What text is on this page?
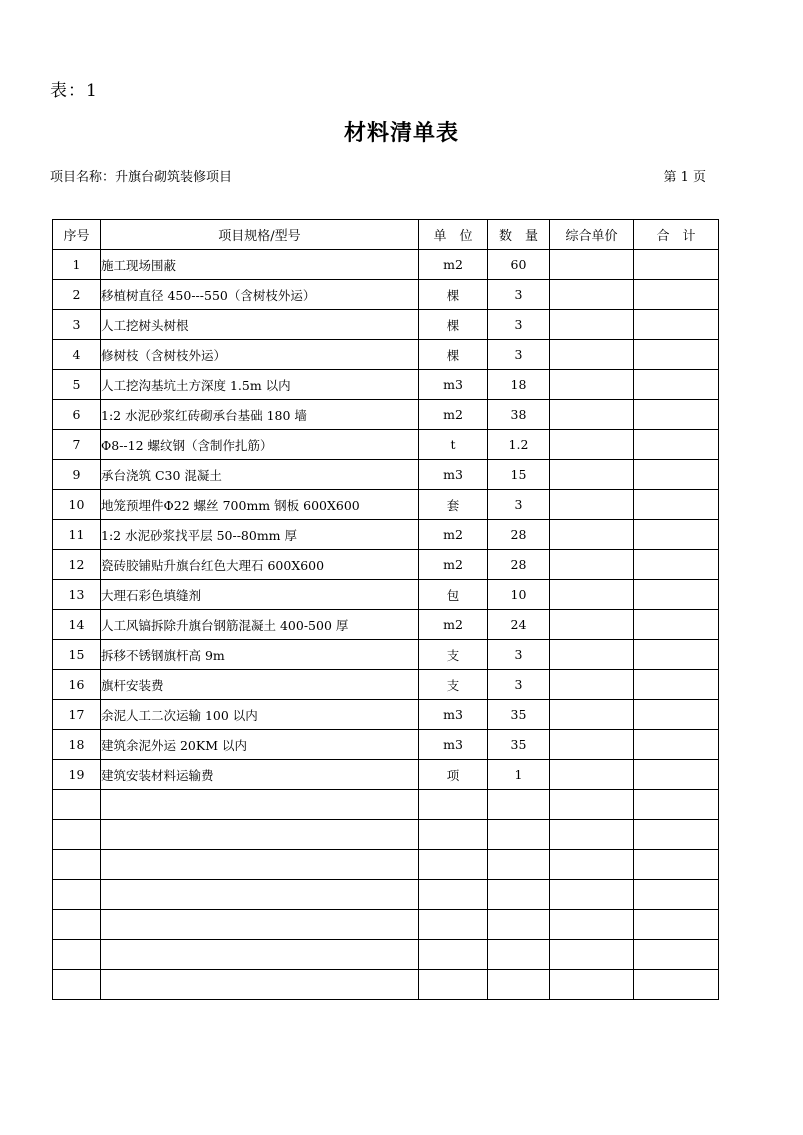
表：1
材料清单表
项目名称：升旗台砌筑装修项目	第 1 页
序号	项目规格/型号	单　位	数　量	综合单价	合　计
1	施工现场围蔽	m2	60		
2	移植树直径 450---550（含树枝外运）	棵	3		
3	人工挖树头树根	棵	3		
4	修树枝（含树枝外运）	棵	3		
5	人工挖沟基坑土方深度 1.5m 以内	m3	18		
6	1:2 水泥砂浆红砖砌承台基础 180 墙	m2	38		
7	Φ8--12 螺纹钢（含制作扎筋）	t	1.2		
9	承台浇筑 C30 混凝土	m3	15		
10	地笼预埋件Φ22 螺丝 700mm 钢板 600X600	套	3		
11	1:2 水泥砂浆找平层 50--80mm 厚	m2	28		
12	瓷砖胶铺贴升旗台红色大理石 600X600	m2	28		
13	大理石彩色填缝剂	包	10		
14	人工风镐拆除升旗台钢筋混凝土 400-500 厚	m2	24		
15	拆移不锈钢旗杆高 9m	支	3		
16	旗杆安装费	支	3		
17	余泥人工二次运输 100 以内	m3	35		
18	建筑余泥外运 20KM 以内	m3	35		
19	建筑安装材料运输费	项	1		
